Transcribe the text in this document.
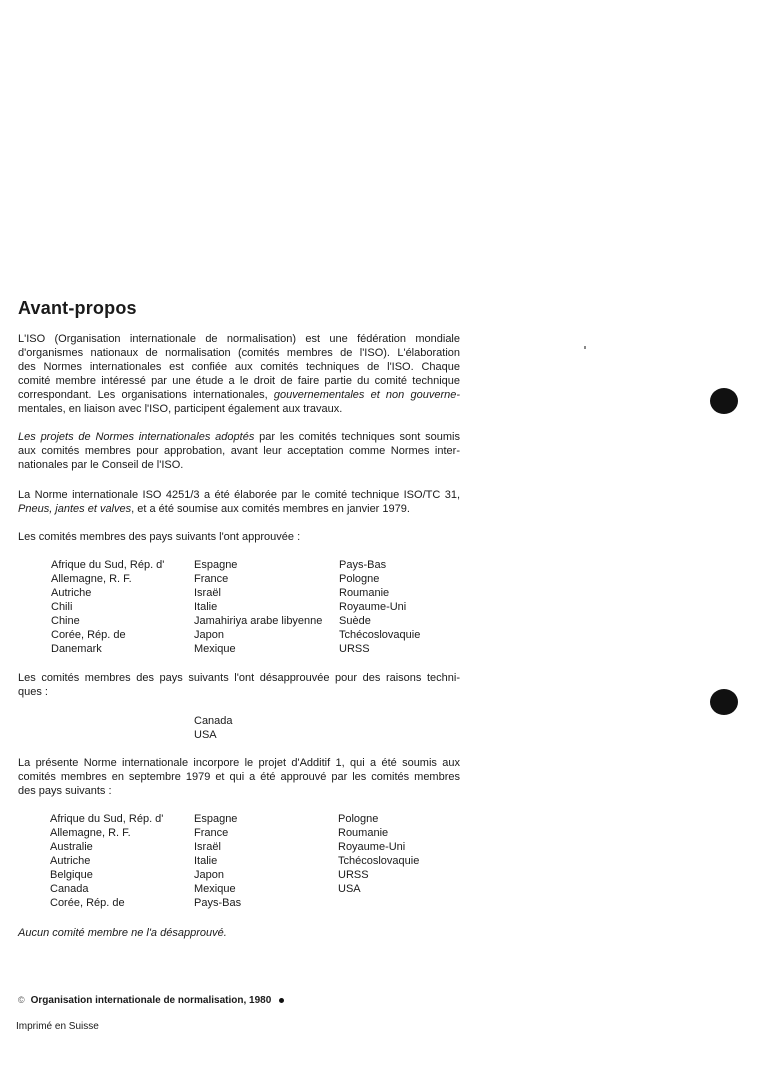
Avant-propos
L'ISO (Organisation internationale de normalisation) est une fédération mondiale
d'organismes nationaux de normalisation (comités membres de l'ISO). L'élaboration
des Normes internationales est confiée aux comités techniques de l'ISO. Chaque
comité membre intéressé par une étude a le droit de faire partie du comité technique
correspondant. Les organisations internationales, gouvernementales et non gouverne-
mentales, en liaison avec l'ISO, participent également aux travaux.
Les projets de Normes internationales adoptés par les comités techniques sont soumis
aux comités membres pour approbation, avant leur acceptation comme Normes inter-
nationales par le Conseil de l'ISO.
La Norme internationale ISO 4251/3 a été élaborée par le comité technique ISO/TC 31,
Pneus, jantes et valves, et a été soumise aux comités membres en janvier 1979.
Les comités membres des pays suivants l'ont approuvée :
Afrique du Sud, Rép. d'
Allemagne, R. F.
Autriche
Chili
Chine
Corée, Rép. de
Danemark
Espagne
France
Israël
Italie
Jamahiriya arabe libyenne
Japon
Mexique
Pays-Bas
Pologne
Roumanie
Royaume-Uni
Suède
Tchécoslovaquie
URSS
Les comités membres des pays suivants l'ont désapprouvée pour des raisons techni-
ques :
Canada
USA
La présente Norme internationale incorpore le projet d'Additif 1, qui a été soumis aux
comités membres en septembre 1979 et qui a été approuvé par les comités membres
des pays suivants :
Afrique du Sud, Rép. d'
Allemagne, R. F.
Australie
Autriche
Belgique
Canada
Corée, Rép. de
Espagne
France
Israël
Italie
Japon
Mexique
Pays-Bas
Pologne
Roumanie
Royaume-Uni
Tchécoslovaquie
URSS
USA
Aucun comité membre ne l'a désapprouvé.
© Organisation internationale de normalisation, 1980
Imprimé en Suisse
